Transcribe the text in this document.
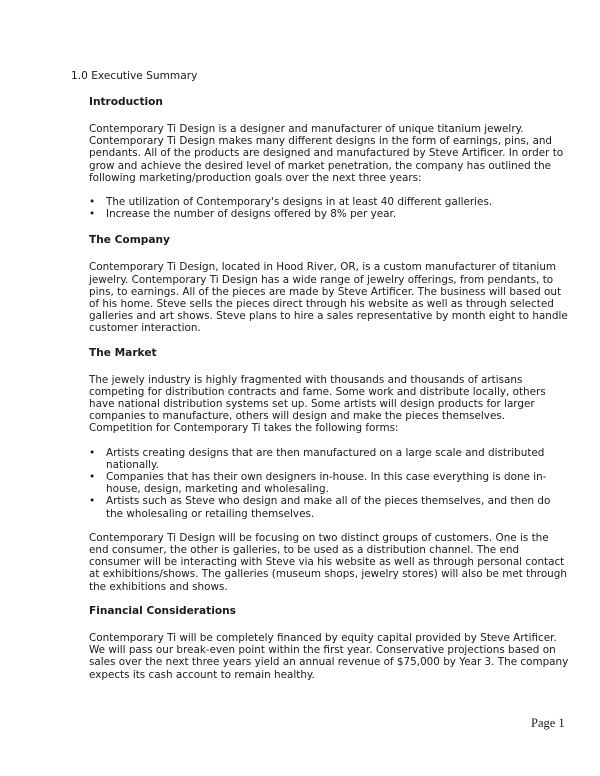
1.0 Executive Summary
Introduction

Contemporary Ti Design is a designer and manufacturer of unique titanium jewelry. Contemporary Ti Design makes many different designs in the form of earnings, pins, and pendants. All of the products are designed and manufactured by Steve Artificer. In order to grow and achieve the desired level of market penetration, the company has outlined the following marketing/production goals over the next three years:

• The utilization of Contemporary's designs in at least 40 different galleries.
• Increase the number of designs offered by 8% per year.
The Company

Contemporary Ti Design, located in Hood River, OR, is a custom manufacturer of titanium jewelry. Contemporary Ti Design has a wide range of jewelry offerings, from pendants, to pins, to earnings. All of the pieces are made by Steve Artificer. The business will based out of his home. Steve sells the pieces direct through his website as well as through selected galleries and art shows. Steve plans to hire a sales representative by month eight to handle customer interaction.

The Market

The jewely industry is highly fragmented with thousands and thousands of artisans competing for distribution contracts and fame. Some work and distribute locally, others have national distribution systems set up. Some artists will design products for larger companies to manufacture, others will design and make the pieces themselves. Competition for Contemporary Ti takes the following forms:

• Artists creating designs that are then manufactured on a large scale and distributed nationally.
• Companies that has their own designers in-house. In this case everything is done in-house, design, marketing and wholesaling.
• Artists such as Steve who design and make all of the pieces themselves, and then do the wholesaling or retailing themselves.

Contemporary Ti Design will be focusing on two distinct groups of customers. One is the end consumer, the other is galleries, to be used as a distribution channel. The end consumer will be interacting with Steve via his website as well as through personal contact at exhibitions/shows. The galleries (museum shops, jewelry stores) will also be met through the exhibitions and shows.

Financial Considerations

Contemporary Ti will be completely financed by equity capital provided by Steve Artificer. We will pass our break-even point within the first year. Conservative projections based on sales over the next three years yield an annual revenue of $75,000 by Year 3. The company expects its cash account to remain healthy.

Page 1
